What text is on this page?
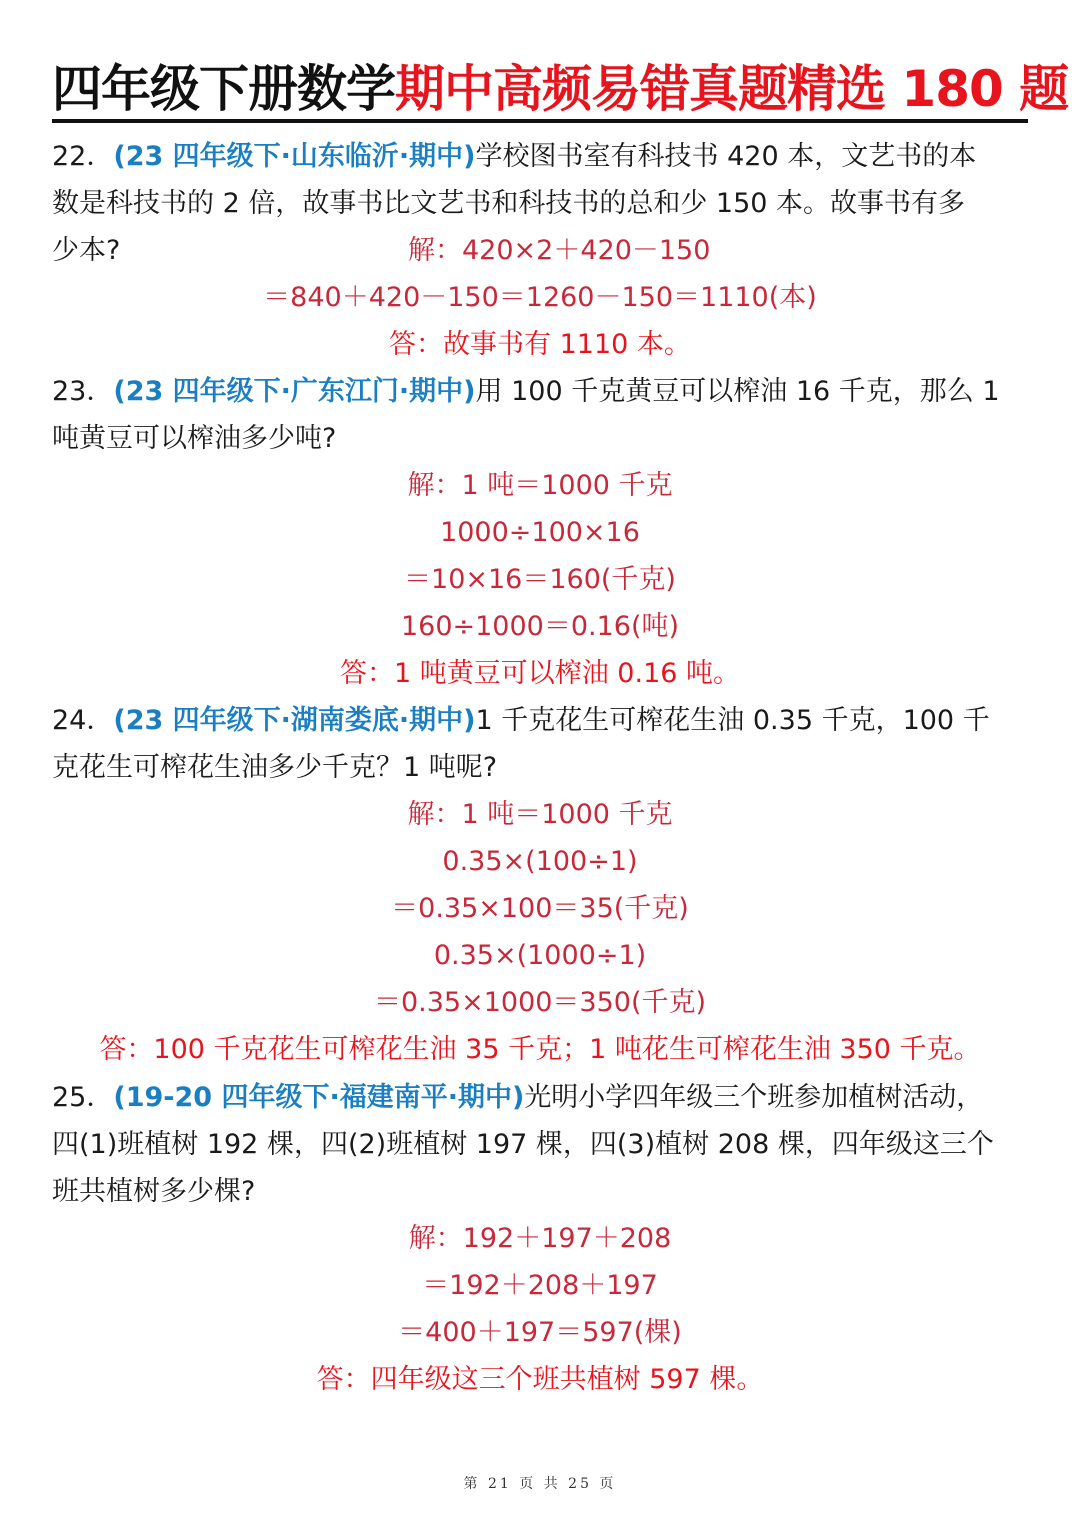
四年级下册数学期中高频易错真题精选 180 题
22．(23 四年级下·山东临沂·期中)学校图书室有科技书 420 本，文艺书的本
数是科技书的 2 倍，故事书比文艺书和科技书的总和少 150 本。故事书有多
少本?	解：420×2＋420－150
＝840＋420－150＝1260－150＝1110(本)
答：故事书有 1110 本。
23．(23 四年级下·广东江门·期中)用 100 千克黄豆可以榨油 16 千克，那么 1
吨黄豆可以榨油多少吨?
解：1 吨＝1000 千克
1000÷100×16
＝10×16＝160(千克)
160÷1000＝0.16(吨)
答：1 吨黄豆可以榨油 0.16 吨。
24．(23 四年级下·湖南娄底·期中)1 千克花生可榨花生油 0.35 千克，100 千
克花生可榨花生油多少千克？1 吨呢?
解：1 吨＝1000 千克
0.35×(100÷1)
＝0.35×100＝35(千克)
0.35×(1000÷1)
＝0.35×1000＝350(千克)
答：100 千克花生可榨花生油 35 千克；1 吨花生可榨花生油 350 千克。
25．(19-20 四年级下·福建南平·期中)光明小学四年级三个班参加植树活动，
四(1)班植树 192 棵，四(2)班植树 197 棵，四(3)植树 208 棵，四年级这三个
班共植树多少棵?
解：192＋197＋208
＝192＋208＋197
＝400＋197＝597(棵)
答：四年级这三个班共植树 597 棵。
第 21 页 共 25 页
